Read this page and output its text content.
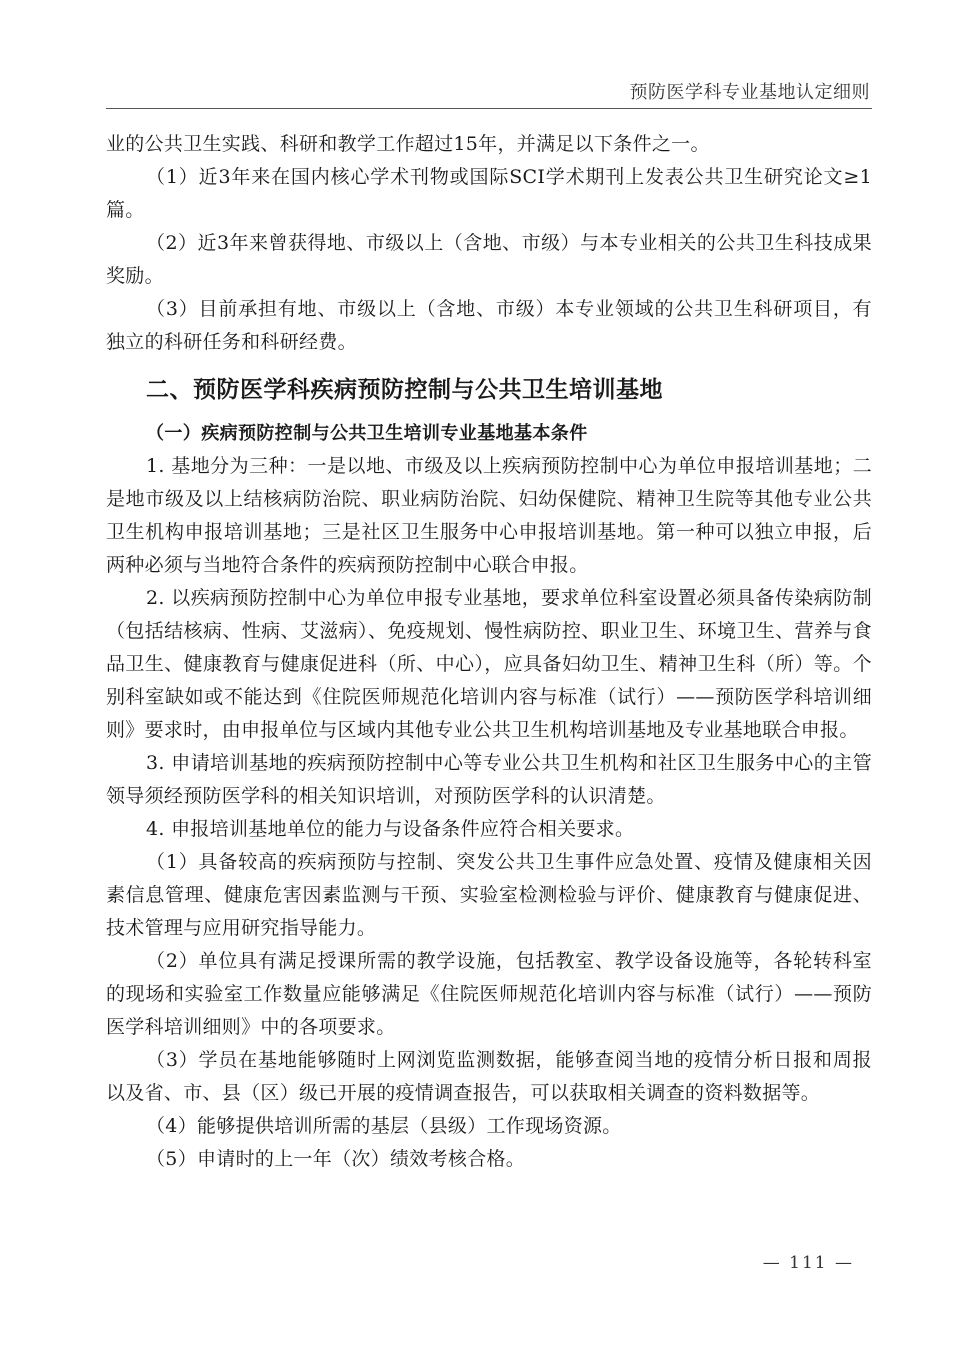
预防医学科专业基地认定细则

业的公共卫生实践、科研和教学工作超过15年，并满足以下条件之一。

（1）近3年来在国内核心学术刊物或国际SCI学术期刊上发表公共卫生研究论文≥1篇。

（2）近3年来曾获得地、市级以上（含地、市级）与本专业相关的公共卫生科技成果奖励。

（3）目前承担有地、市级以上（含地、市级）本专业领域的公共卫生科研项目，有独立的科研任务和科研经费。

二、预防医学科疾病预防控制与公共卫生培训基地
（一）疾病预防控制与公共卫生培训专业基地基本条件

1. 基地分为三种：一是以地、市级及以上疾病预防控制中心为单位申报培训基地；二是地市级及以上结核病防治院、职业病防治院、妇幼保健院、精神卫生院等其他专业公共卫生机构申报培训基地；三是社区卫生服务中心申报培训基地。第一种可以独立申报，后两种必须与当地符合条件的疾病预防控制中心联合申报。

2. 以疾病预防控制中心为单位申报专业基地，要求单位科室设置必须具备传染病防制（包括结核病、性病、艾滋病）、免疫规划、慢性病防控、职业卫生、环境卫生、营养与食品卫生、健康教育与健康促进科（所、中心），应具备妇幼卫生、精神卫生科（所）等。个别科室缺如或不能达到《住院医师规范化培训内容与标准（试行）——预防医学科培训细则》要求时，由申报单位与区域内其他专业公共卫生机构培训基地及专业基地联合申报。

3. 申请培训基地的疾病预防控制中心等专业公共卫生机构和社区卫生服务中心的主管领导须经预防医学科的相关知识培训，对预防医学科的认识清楚。

4. 申报培训基地单位的能力与设备条件应符合相关要求。

（1）具备较高的疾病预防与控制、突发公共卫生事件应急处置、疫情及健康相关因素信息管理、健康危害因素监测与干预、实验室检测检验与评价、健康教育与健康促进、技术管理与应用研究指导能力。

（2）单位具有满足授课所需的教学设施，包括教室、教学设备设施等，各轮转科室的现场和实验室工作数量应能够满足《住院医师规范化培训内容与标准（试行）——预防医学科培训细则》中的各项要求。

（3）学员在基地能够随时上网浏览监测数据，能够查阅当地的疫情分析日报和周报以及省、市、县（区）级已开展的疫情调查报告，可以获取相关调查的资料数据等。

（4）能够提供培训所需的基层（县级）工作现场资源。

（5）申请时的上一年（次）绩效考核合格。

— 111 —
